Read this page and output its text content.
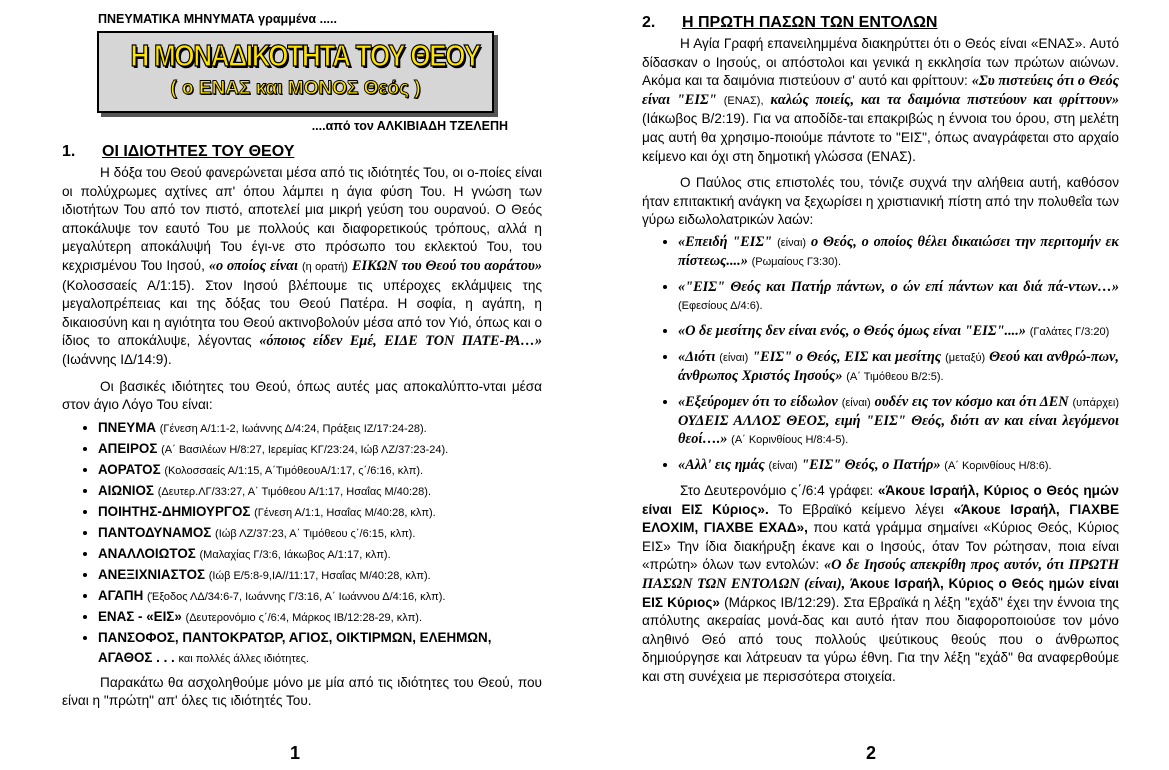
ΠΝΕΥΜΑΤΙΚΑ ΜΗΝΥΜΑΤΑ γραμμένα .....
Η ΜΟΝΑΔΙΚΟΤΗΤΑ ΤΟΥ ΘΕΟΥ
( ο ΕΝΑΣ και ΜΟΝΟΣ Θεός )
....από τον ΑΛΚΙΒΙΑΔΗ ΤΖΕΛΕΠΗ
1. ΟΙ ΙΔΙΟΤΗΤΕΣ ΤΟΥ ΘΕΟΥ

Η δόξα του Θεού φανερώνεται μέσα από τις ιδιότητές Του, οι ο-ποίες είναι οι πολύχρωμες αχτίνες απ' όπου λάμπει η άγια φύση Του. Η γνώση των ιδιοτήτων Του από τον πιστό, αποτελεί μια μικρή γεύση του ουρανού. Ο Θεός αποκάλυψε τον εαυτό Του με πολλούς και διαφορετικούς τρόπους, αλλά η μεγαλύτερη αποκάλυψή Του έγι-νε στο πρόσωπο του εκλεκτού Του, του κεχρισμένου Του Ιησού, «ο οποίος είναι (η ορατή) ΕΙΚΩΝ του Θεού του αοράτου» (Κολοσσαείς Α/1:15). Στον Ιησού βλέπουμε τις υπέροχες εκλάμψεις της μεγαλοπρέπειας και της δόξας του Θεού Πατέρα. Η σοφία, η αγάπη, η δικαιοσύνη και η αγιότητα του Θεού ακτινοβολούν μέσα από τον Υιό, όπως και ο ίδιος το αποκάλυψε, λέγοντας «όποιος είδεν Εμέ, ΕΙΔΕ ΤΟΝ ΠΑΤΕ-ΡΑ…» (Ιωάννης ΙΔ/14:9).

Οι βασικές ιδιότητες του Θεού, όπως αυτές μας αποκαλύπτο-νται μέσα στον άγιο Λόγο Του είναι:

• ΠΝΕΥΜΑ (Γένεση Α/1:1-2, Ιωάννης Δ/4:24, Πράξεις ΙΖ/17:24-28).
• ΑΠΕΙΡΟΣ (Α΄ Βασιλέων Η/8:27, Ιερεμίας ΚΓ/23:24, Ιώβ ΛΖ/37:23-24).
• ΑΟΡΑΤΟΣ (Κολοσσαείς Α/1:15, Α΄ΤιμόθεουΑ/1:17, ς΄/6:16, κλπ).
• ΑΙΩΝΙΟΣ (Δευτερ.ΛΓ/33:27, Α΄ Τιμόθεου Α/1:17, Ησαΐας Μ/40:28).
• ΠΟΙΗΤΗΣ-ΔΗΜΙΟΥΡΓΟΣ (Γένεση Α/1:1, Ησαΐας Μ/40:28, κλπ).
• ΠΑΝΤΟΔΥΝΑΜΟΣ (Ιώβ ΛΖ/37:23, Α΄ Τιμόθεου ς΄/6:15, κλπ).
• ΑΝΑΛΛΟΙΩΤΟΣ (Μαλαχίας Γ/3:6, Ιάκωβος Α/1:17, κλπ).
• ΑΝΕΞΙΧΝΙΑΣΤΟΣ (Ιώβ Ε/5:8-9,ΙΑ//11:17, Ησαΐας Μ/40:28, κλπ).
• ΑΓΑΠΗ (Έξοδος ΛΔ/34:6-7, Ιωάννης Γ/3:16, Α΄ Ιωάννου Δ/4:16, κλπ).
• ΕΝΑΣ - «ΕΙΣ» (Δευτερονόμιο ς΄/6:4, Μάρκος ΙΒ/12:28-29, κλπ).
• ΠΑΝΣΟΦΟΣ, ΠΑΝΤΟΚΡΑΤΩΡ, ΑΓΙΟΣ, ΟΙΚΤΙΡΜΩΝ, ΕΛΕΗΜΩΝ, ΑΓΑΘΟΣ . . . και πολλές άλλες ιδιότητες.

Παρακάτω θα ασχοληθούμε μόνο με μία από τις ιδιότητες του Θεού, που είναι η "πρώτη" απ' όλες τις ιδιότητές Του.

1
2. Η ΠΡΩΤΗ ΠΑΣΩΝ ΤΩΝ ΕΝΤΟΛΩΝ

Η Αγία Γραφή επανειλημμένα διακηρύττει ότι ο Θεός είναι «ΕΝΑΣ». Αυτό δίδασκαν ο Ιησούς, οι απόστολοι και γενικά η εκκλησία των πρώτων αιώνων. Ακόμα και τα δαιμόνια πιστεύουν σ' αυτό και φρίττουν: «Συ πιστεύεις ότι ο Θεός είναι "ΕΙΣ" (ΕΝΑΣ), καλώς ποιείς, και τα δαιμόνια πιστεύουν και φρίττουν» (Ιάκωβος Β/2:19). Για να αποδίδε-ται επακριβώς η έννοια του όρου, στη μελέτη μας αυτή θα χρησιμο-ποιούμε πάντοτε το "ΕΙΣ", όπως αναγράφεται στο αρχαίο κείμενο και όχι στη δημοτική γλώσσα (ΕΝΑΣ).

Ο Παύλος στις επιστολές του, τόνιζε συχνά την αλήθεια αυτή, καθόσον ήταν επιτακτική ανάγκη να ξεχωρίσει η χριστιανική πίστη από την πολυθεΐα των γύρω ειδωλολατρικών λαών:

• «Επειδή "ΕΙΣ" (είναι) ο Θεός, ο οποίος θέλει δικαιώσει την περιτομήν εκ πίστεως....» (Ρωμαίους Γ3:30).
• «"ΕΙΣ" Θεός και Πατήρ πάντων, ο ών επί πάντων και διά πά-ντων…» (Εφεσίους Δ/4:6).
• «Ο δε μεσίτης δεν είναι ενός, ο Θεός όμως είναι "ΕΙΣ"....» (Γαλάτες Γ/3:20)
• «Διότι (είναι) "ΕΙΣ" ο Θεός, ΕΙΣ και μεσίτης (μεταξύ) Θεού και ανθρώ-πων, άνθρωπος Χριστός Ιησούς» (Α΄ Τιμόθεου Β/2:5).
• «Εξεύρομεν ότι το είδωλον (είναι) ουδέν εις τον κόσμο και ότι ΔΕΝ (υπάρχει) ΟΥΔΕΙΣ ΑΛΛΟΣ ΘΕΟΣ, ειμή "ΕΙΣ" Θεός, διότι αν και είναι λεγόμενοι θεοί….» (Α΄ Κορινθίους Η/8:4-5).
• «Αλλ' εις ημάς (είναι) "ΕΙΣ" Θεός, ο Πατήρ» (Α΄ Κορινθίους Η/8:6).

Στο Δευτερονόμιο ς΄/6:4 γράφει: «Άκουε Ισραήλ, Κύριος ο Θεός ημών είναι ΕΙΣ Κύριος». Το Εβραϊκό κείμενο λέγει «Άκουε Ισραήλ, ΓΙΑΧΒΕ ΕΛΟΧΙΜ, ΓΙΑΧΒΕ ΕΧΑΔ», που κατά γράμμα σημαίνει «Κύριος Θεός, Κύριος ΕΙΣ» Την ίδια διακήρυξη έκανε και ο Ιησούς, όταν Τον ρώτησαν, ποια είναι «πρώτη» όλων των εντολών: «Ο δε Ιησούς απεκρίθη προς αυτόν, ότι ΠΡΩΤΗ ΠΑΣΩΝ ΤΩΝ ΕΝΤΟΛΩΝ (είναι), Άκουε Ισραήλ, Κύριος ο Θεός ημών είναι ΕΙΣ Κύριος» (Μάρκος ΙΒ/12:29). Στα Εβραϊκά η λέξη "εχάδ" έχει την έννοια της απόλυτης ακεραίας μονά-δας και αυτό ήταν που διαφοροποιούσε τον μόνο αληθινό Θεό από τους πολλούς ψεύτικους θεούς που ο άνθρωπος δημιούργησε και λάτρευαν τα γύρω έθνη. Για την λέξη "εχάδ" θα αναφερθούμε και στη συνέχεια με περισσότερα στοιχεία.

2
